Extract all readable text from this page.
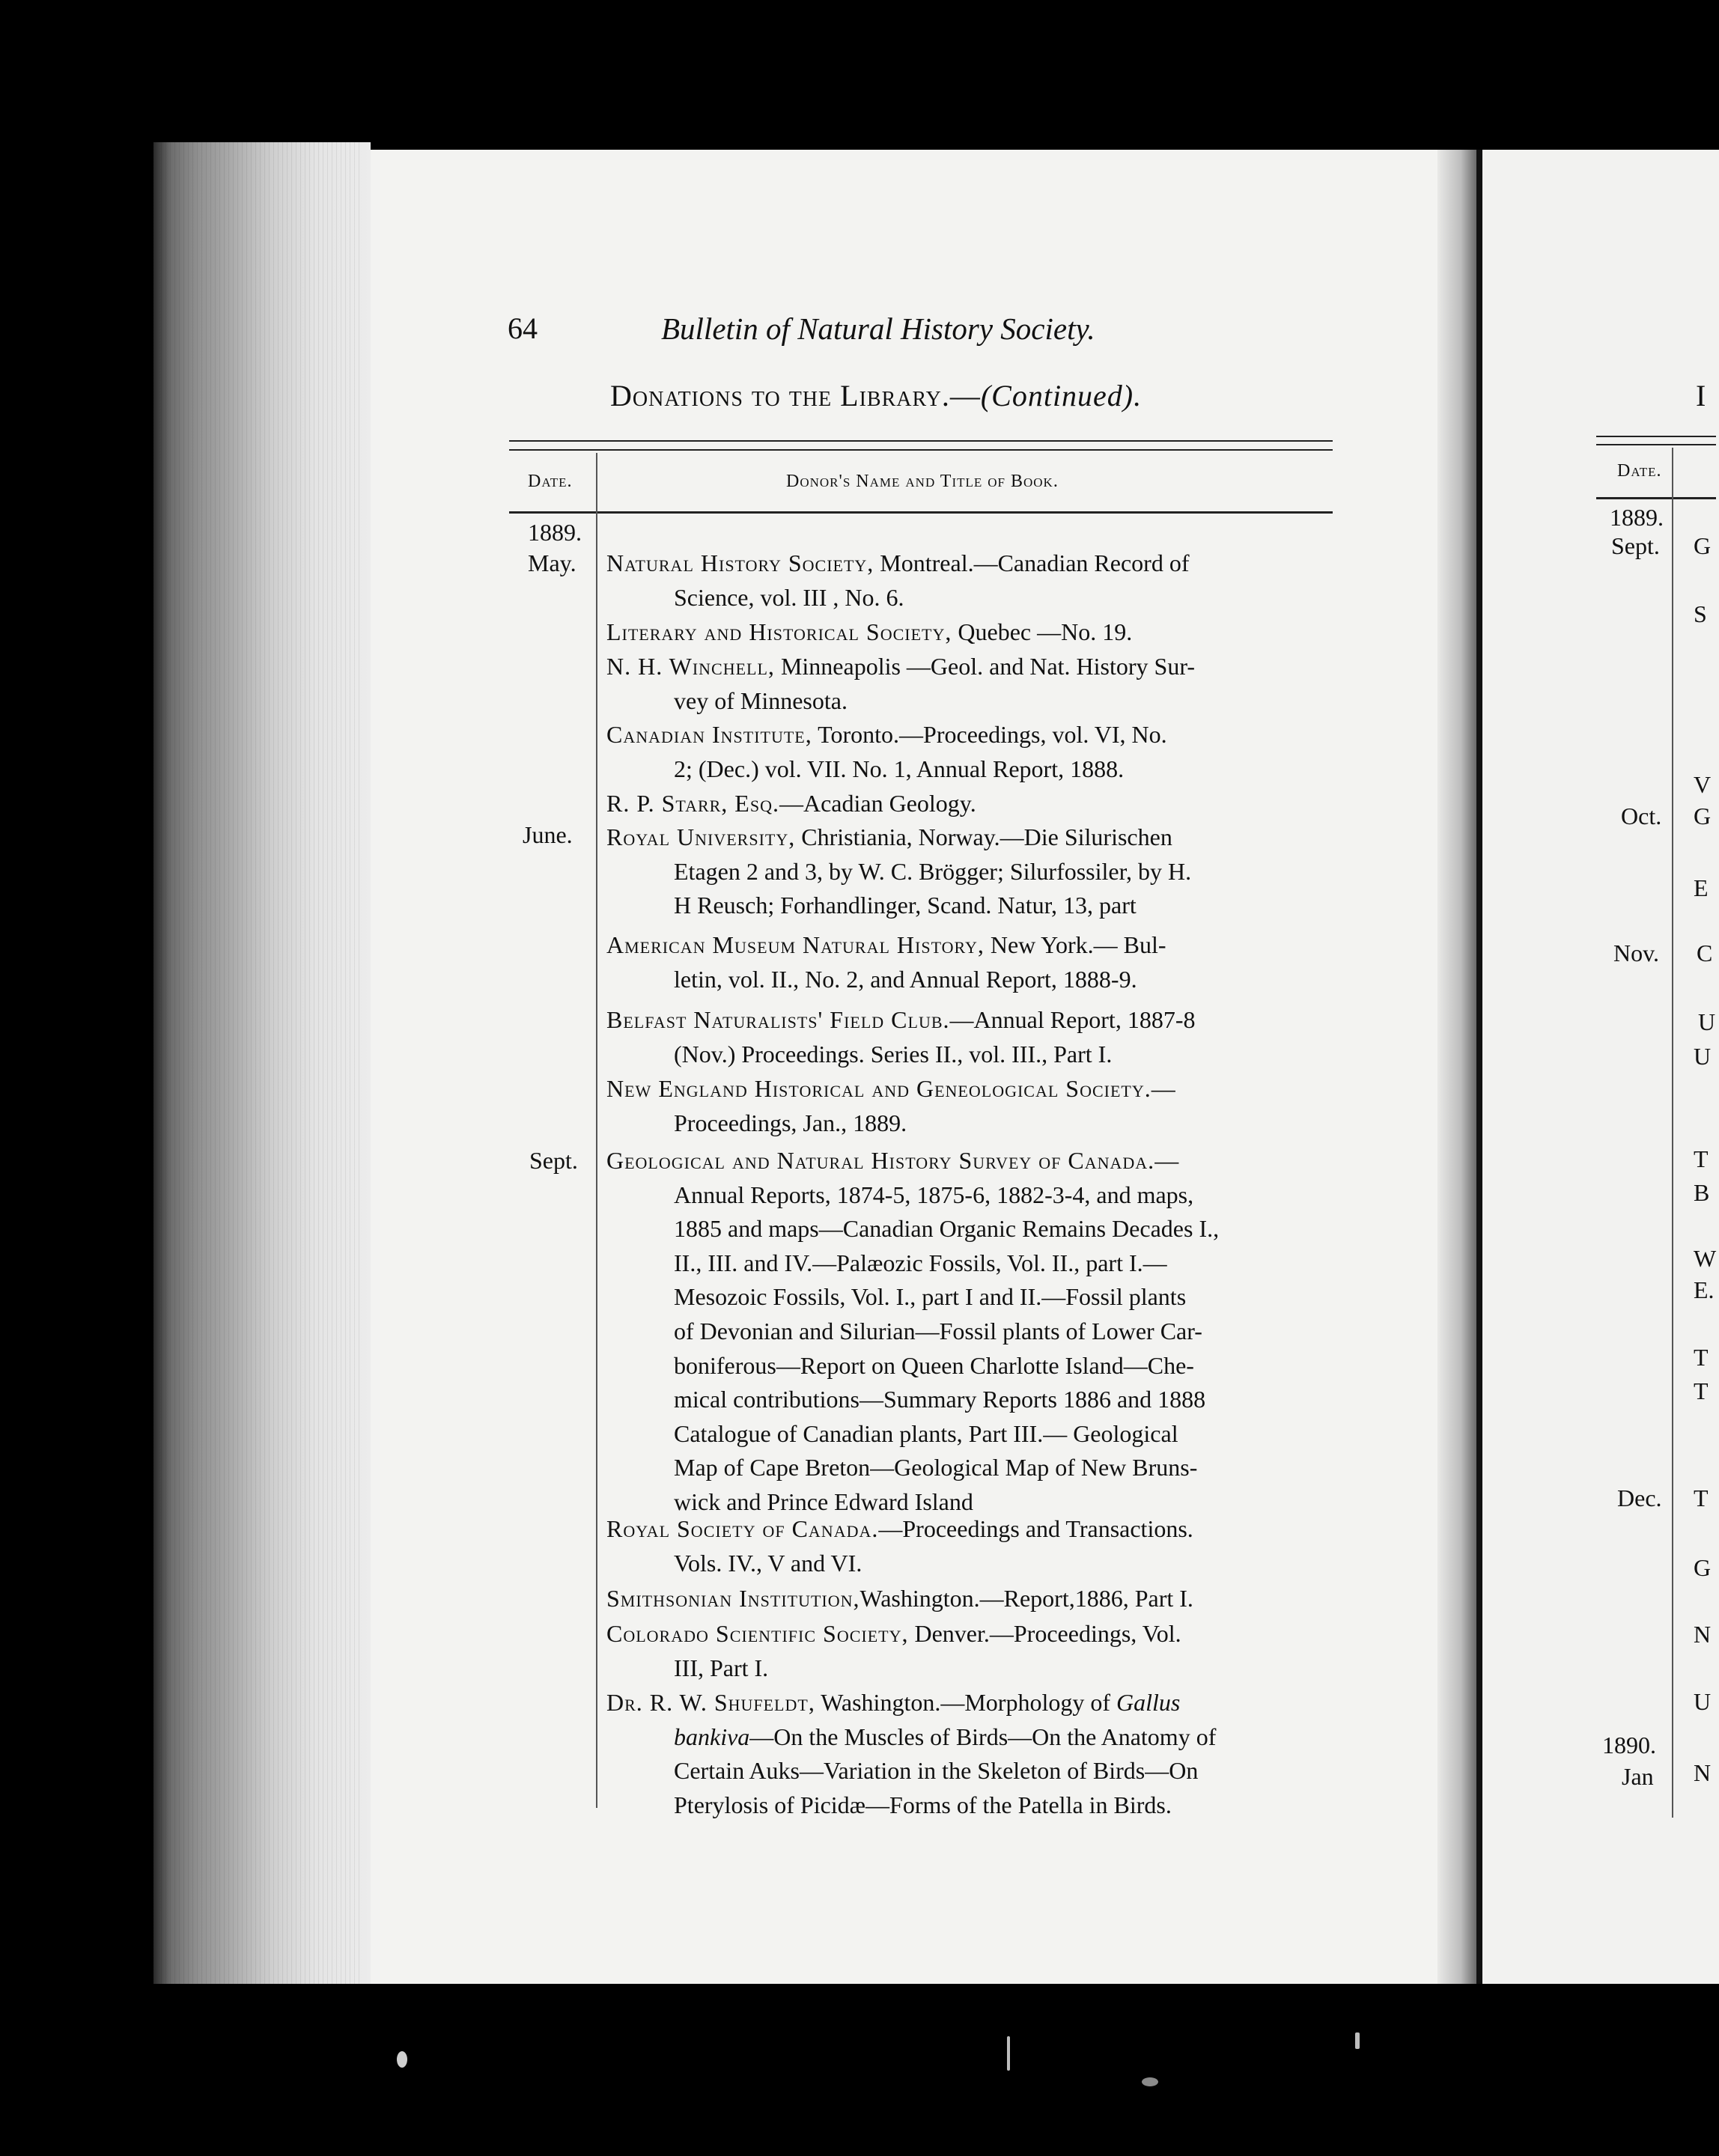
64	Bulletin of Natural History Society.
Donations to the Library.—(Continued).
Date.	Donor's Name and Title of Book.
1889.
May.
June.
Sept.
Natural History Society, Montreal.—Canadian Record of
Science, vol. III , No. 6.
Literary and Historical Society, Quebec —No. 19.
N. H. Winchell, Minneapolis —Geol. and Nat. History Sur-
vey of Minnesota.
Canadian Institute, Toronto.—Proceedings, vol. VI, No.
2; (Dec.) vol. VII. No. 1, Annual Report, 1888.
R. P. Starr, Esq.—Acadian Geology.
Royal University, Christiania, Norway.—Die Silurischen
Etagen 2 and 3, by W. C. Brögger; Silurfossiler, by H.
H Reusch; Forhandlinger, Scand. Natur, 13, part
American Museum Natural History, New York.— Bul-
letin, vol. II., No. 2, and Annual Report, 1888-9.
Belfast Naturalists' Field Club.—Annual Report, 1887-8
(Nov.) Proceedings. Series II., vol. III., Part I.
New England Historical and Geneological Society.—
Proceedings, Jan., 1889.
Geological and Natural History Survey of Canada.—
Annual Reports, 1874-5, 1875-6, 1882-3-4, and maps,
1885 and maps—Canadian Organic Remains Decades I.,
II., III. and IV.—Palæozic Fossils, Vol. II., part I.—
Mesozoic Fossils, Vol. I., part I and II.—Fossil plants
of Devonian and Silurian—Fossil plants of Lower Car-
boniferous—Report on Queen Charlotte Island—Che-
mical contributions—Summary Reports 1886 and 1888
Catalogue of Canadian plants, Part III.— Geological
Map of Cape Breton—Geological Map of New Bruns-
wick and Prince Edward Island
Royal Society of Canada.—Proceedings and Transactions.
Vols. IV., V and VI.
Smithsonian Institution,Washington.—Report,1886, Part I.
Colorado Scientific Society, Denver.—Proceedings, Vol.
III, Part I.
Dr. R. W. Shufeldt, Washington.—Morphology of Gallus
bankiva—On the Muscles of Birds—On the Anatomy of
Certain Auks—Variation in the Skeleton of Birds—On
Pterylosis of Picidæ—Forms of the Patella in Birds.
I
Date.
1889.
Sept.
Oct.
Nov.
Dec.
1890.
Jan
G
S
V
G
E
C
U
U
T
B
W
E.
T
T
T
G
N
U
N
